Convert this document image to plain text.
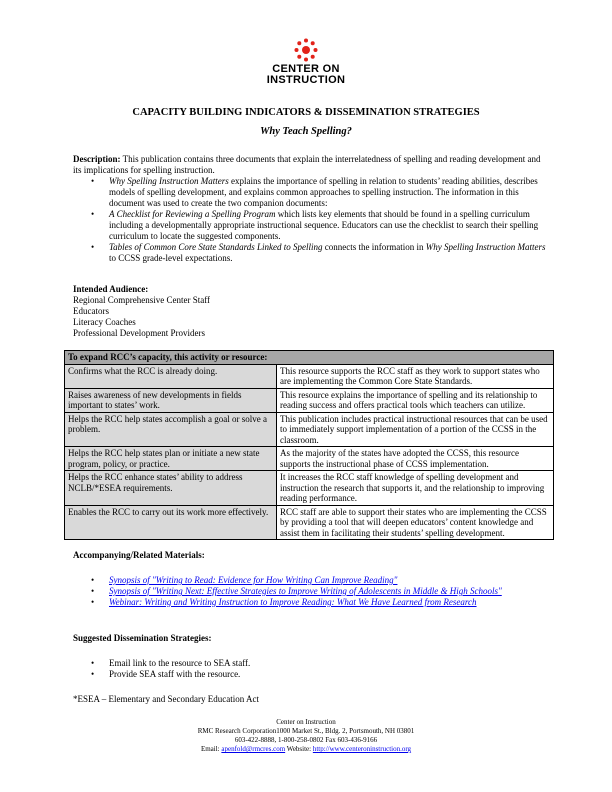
CENTER ON
INSTRUCTION
CAPACITY BUILDING INDICATORS & DISSEMINATION STRATEGIES
Why Teach Spelling?
Description: This publication contains three documents that explain the interrelatedness of spelling and reading development and its implications for spelling instruction.
• Why Spelling Instruction Matters explains the importance of spelling in relation to students’ reading abilities, describes models of spelling development, and explains common approaches to spelling instruction. The information in this document was used to create the two companion documents:
• A Checklist for Reviewing a Spelling Program which lists key elements that should be found in a spelling curriculum including a developmentally appropriate instructional sequence. Educators can use the checklist to search their spelling curriculum to locate the suggested components.
• Tables of Common Core State Standards Linked to Spelling connects the information in Why Spelling Instruction Matters to CCSS grade-level expectations.
Intended Audience:
Regional Comprehensive Center Staff
Educators
Literacy Coaches
Professional Development Providers
To expand RCC’s capacity, this activity or resource:	
Confirms what the RCC is already doing.	This resource supports the RCC staff as they work to support states who are implementing the Common Core State Standards.
Raises awareness of new developments in fields important to states’ work.	This resource explains the importance of spelling and its relationship to reading success and offers practical tools which teachers can utilize.
Helps the RCC help states accomplish a goal or solve a problem.	This publication includes practical instructional resources that can be used to immediately support implementation of a portion of the CCSS in the classroom.
Helps the RCC help states plan or initiate a new state program, policy, or practice.	As the majority of the states have adopted the CCSS, this resource supports the instructional phase of CCSS implementation.
Helps the RCC enhance states’ ability to address NCLB/*ESEA requirements.	It increases the RCC staff knowledge of spelling development and instruction the research that supports it, and the relationship to improving reading performance.
Enables the RCC to carry out its work more effectively.	RCC staff are able to support their states who are implementing the CCSS by providing a tool that will deepen educators’ content knowledge and assist them in facilitating their students’ spelling development.
Accompanying/Related Materials:
• Synopsis of "Writing to Read: Evidence for How Writing Can Improve Reading"
• Synopsis of "Writing Next: Effective Strategies to Improve Writing of Adolescents in Middle & High Schools"
• Webinar: Writing and Writing Instruction to Improve Reading: What We Have Learned from Research
Suggested Dissemination Strategies:
• Email link to the resource to SEA staff.
• Provide SEA staff with the resource.
*ESEA – Elementary and Secondary Education Act
Center on Instruction
RMC Research Corporation1000 Market St., Bldg. 2, Portsmouth, NH 03801
603-422-8888, 1-800-258-0802 Fax 603-436-9166
Email: apenfold@rmcres.com Website: http://www.centeroninstruction.org
